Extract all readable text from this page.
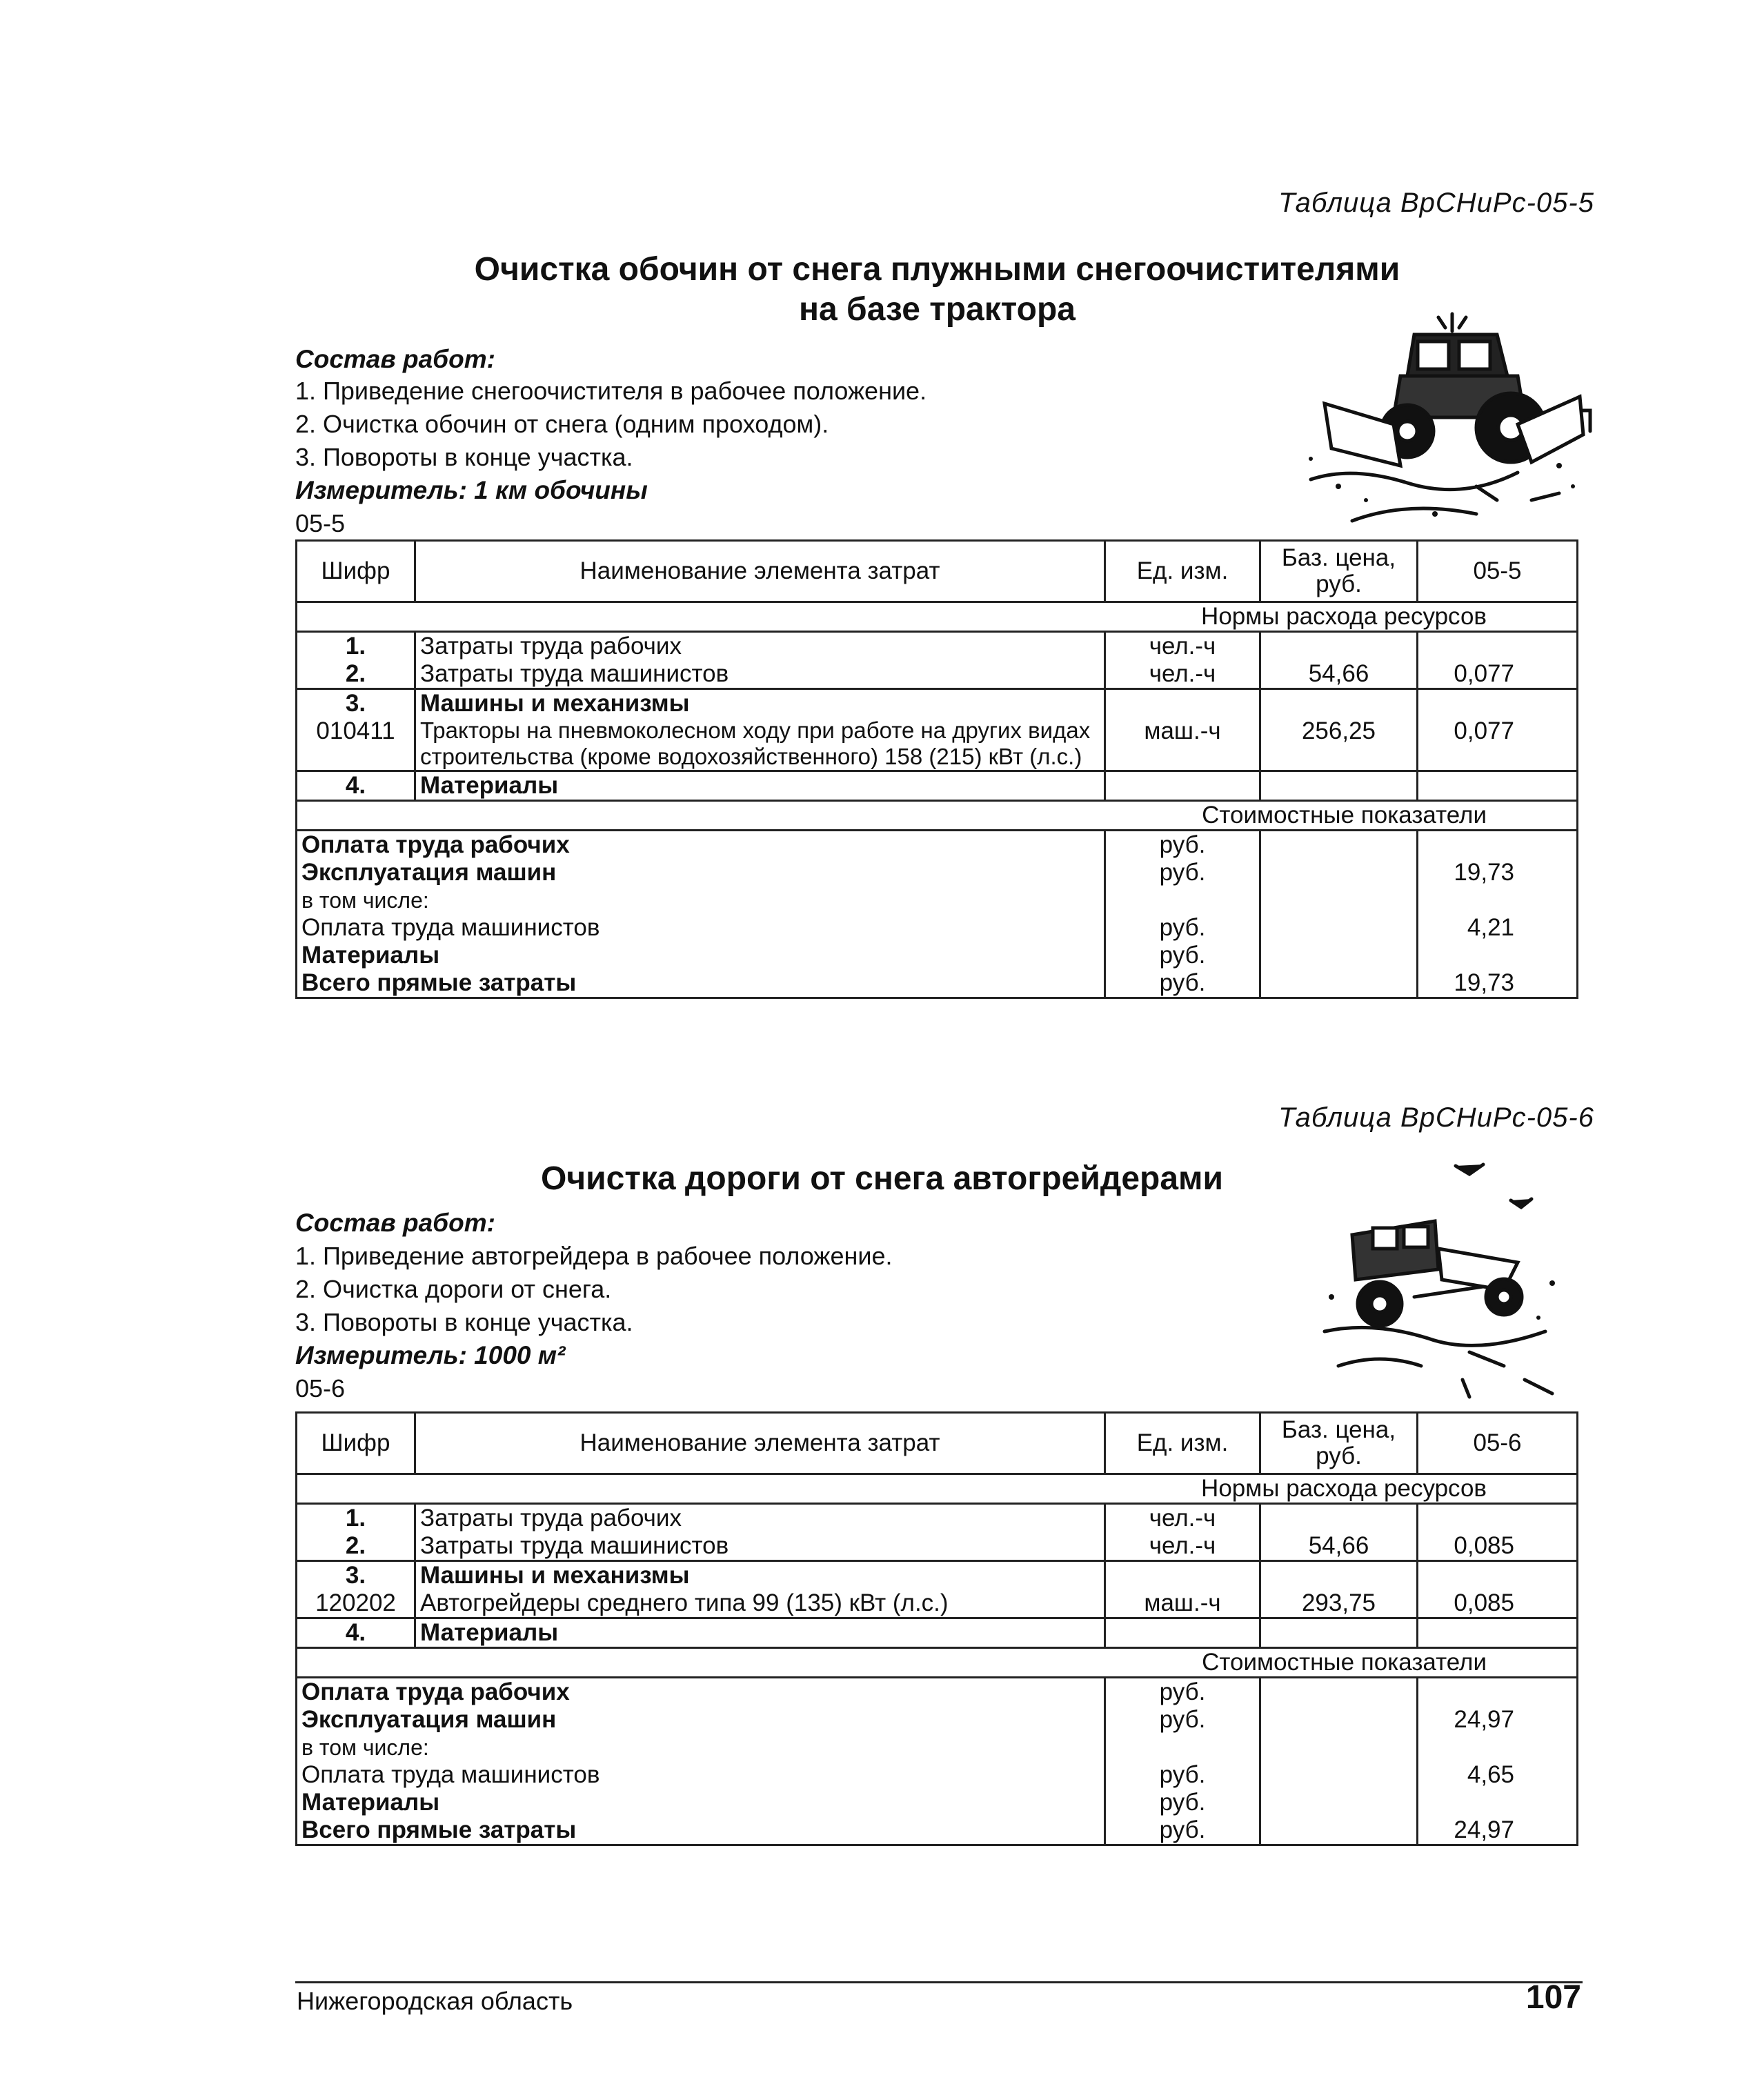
Таблица ВрСНиРс-05-5
Очистка обочин от снега плужными снегоочистителями
на базе трактора
Состав работ:
1. Приведение снегоочистителя в рабочее положение.
2. Очистка обочин от снега (одним проходом).
3. Повороты в конце участка.
Измеритель: 1 км обочины
05-5
Шифр	Наименование элемента затрат	Ед. изм.	Баз. цена, руб.	05-5
Нормы расхода ресурсов				
1.	Затраты труда рабочих	чел.-ч		
2.	Затраты труда машинистов	чел.-ч	54,66	0,077
3.	Машины и механизмы			
010411	Тракторы на пневмоколесном ходу при работе на других видах строительства (кроме водохозяйственного) 158 (215) кВт (л.с.)	маш.-ч	256,25	0,077
4.	Материалы			
Стоимостные показатели				
Оплата труда рабочих		руб.		
Эксплуатация машин		руб.		19,73
в том числе:				
Оплата труда машинистов		руб.		4,21
Материалы		руб.		
Всего прямые затраты		руб.		19,73
Таблица ВрСНиРс-05-6
Очистка дороги от снега автогрейдерами
Состав работ:
1. Приведение автогрейдера в рабочее положение.
2. Очистка дороги от снега.
3. Повороты в конце участка.
Измеритель: 1000 м²
05-6
Шифр	Наименование элемента затрат	Ед. изм.	Баз. цена, руб.	05-6
Нормы расхода ресурсов				
1.	Затраты труда рабочих	чел.-ч		
2.	Затраты труда машинистов	чел.-ч	54,66	0,085
3.	Машины и механизмы			
120202	Автогрейдеры среднего типа 99 (135) кВт (л.с.)	маш.-ч	293,75	0,085
4.	Материалы			
Стоимостные показатели				
Оплата труда рабочих		руб.		
Эксплуатация машин		руб.		24,97
в том числе:				
Оплата труда машинистов		руб.		4,65
Материалы		руб.		
Всего прямые затраты		руб.		24,97
Нижегородская область	107
